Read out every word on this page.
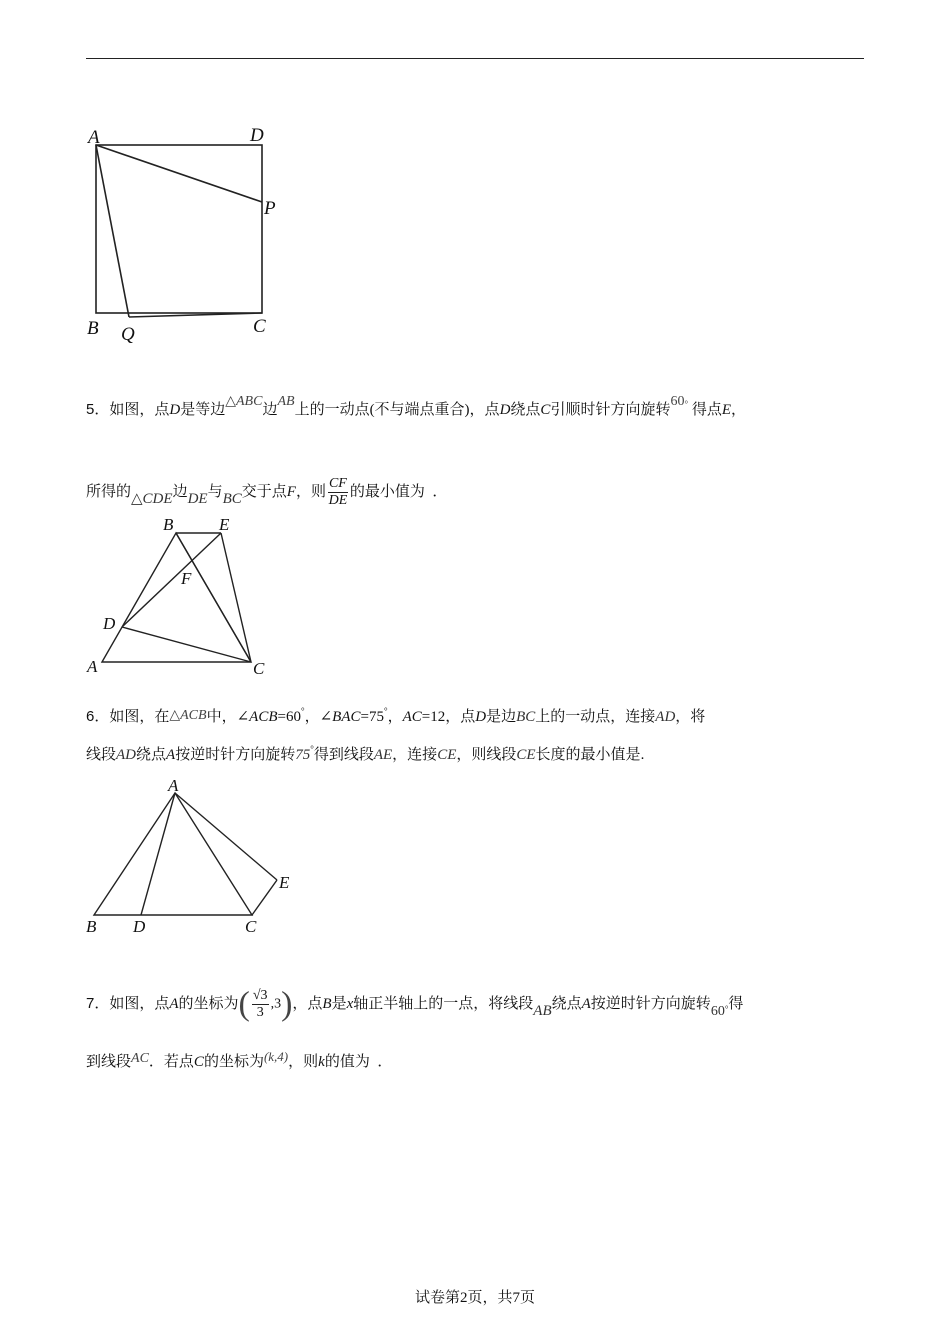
A	D
P
B Q	C
5．如图，点D是等边△ABC边AB上的一动点(不与端点重合)，点D绕点C引顺时针方向旋转60° 得点E，
所得的△CDE边DE与BC交于点F，则 $\frac{CF}{DE}$ 的最小值为 ．
B	E
F
D
A	C
6．如图，在△ACB中，∠ACB=60°，∠BAC=75°，AC=12，点D是边BC上的一动点，连接AD，将
线段AD绕点A按逆时针方向旋转75°得到线段AE，连接CE，则线段CE长度的最小值是.
A
E
B D	C
7．如图，点A的坐标为( $\frac{√3}{3} ,3$)，点B是x轴正半轴上的一点，将线段AB绕点A按逆时针方向旋转$60^\circ$得
到线段AC．若点C的坐标为(k,4)，则k的值为 ．
试卷第2页，共7页
